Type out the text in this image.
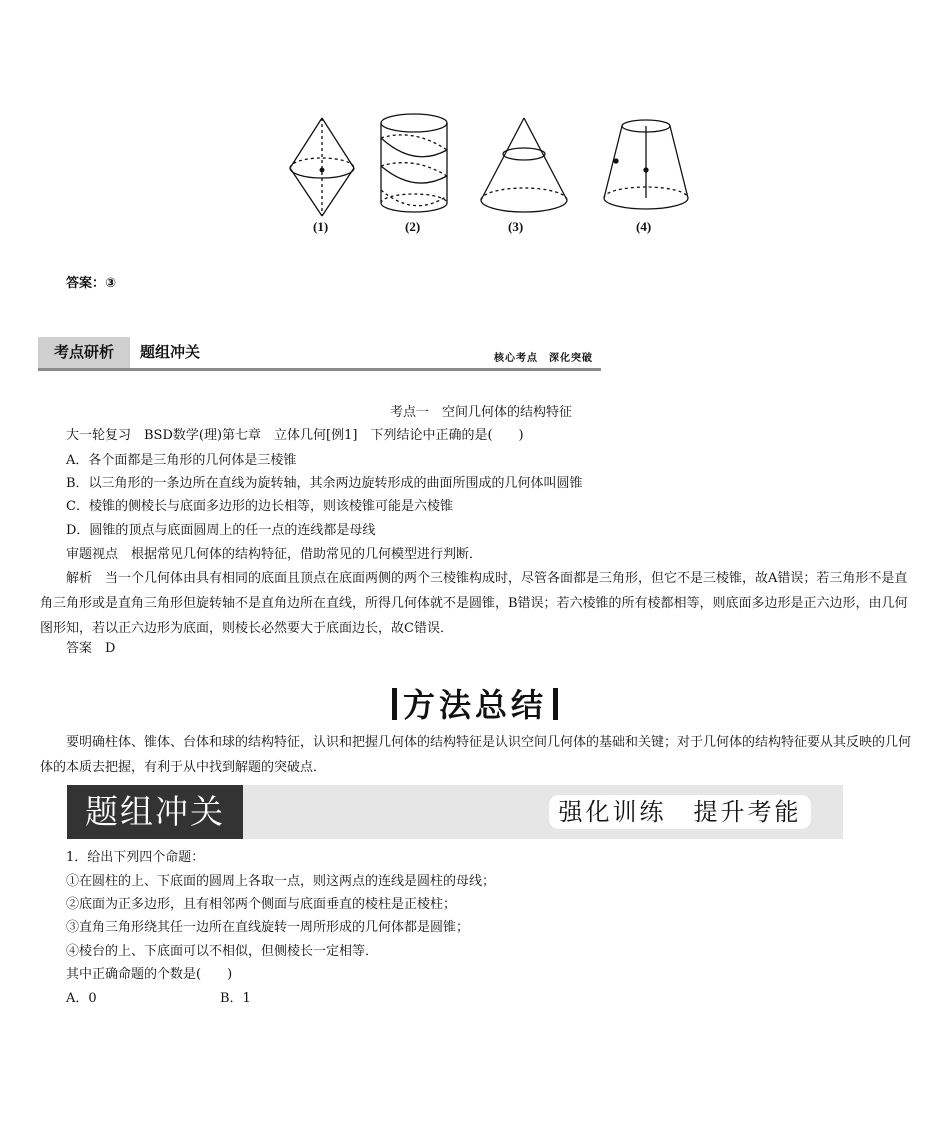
(1)	(2)	(3)	(4)
答案：③
考点研析	题组冲关	核心考点　深化突破
考点一　空间几何体的结构特征
大一轮复习　BSD数学(理)第七章　立体几何[例1]　下列结论中正确的是(　　)
A．各个面都是三角形的几何体是三棱锥
B．以三角形的一条边所在直线为旋转轴，其余两边旋转形成的曲面所围成的几何体叫圆锥
C．棱锥的侧棱长与底面多边形的边长相等，则该棱锥可能是六棱锥
D．圆锥的顶点与底面圆周上的任一点的连线都是母线
审题视点　根据常见几何体的结构特征，借助常见的几何模型进行判断．
解析　当一个几何体由具有相同的底面且顶点在底面两侧的两个三棱锥构成时，尽管各面都是三角形，但它不是三棱锥，故A错误；若三角形不是直角三角形或是直角三角形但旋转轴不是直角边所在直线，所得几何体就不是圆锥，B错误；若六棱锥的所有棱都相等，则底面多边形是正六边形，由几何图形知，若以正六边形为底面，则棱长必然要大于底面边长，故C错误．
答案　D
方法总结
要明确柱体、锥体、台体和球的结构特征，认识和把握几何体的结构特征是认识空间几何体的基础和关键；对于几何体的结构特征要从其反映的几何体的本质去把握，有利于从中找到解题的突破点．
题组冲关	强化训练　提升考能
1．给出下列四个命题：
①在圆柱的上、下底面的圆周上各取一点，则这两点的连线是圆柱的母线；
②底面为正多边形，且有相邻两个侧面与底面垂直的棱柱是正棱柱；
③直角三角形绕其任一边所在直线旋转一周所形成的几何体都是圆锥；
④棱台的上、下底面可以不相似，但侧棱长一定相等．
其中正确命题的个数是(　　)
A．0	B．1
